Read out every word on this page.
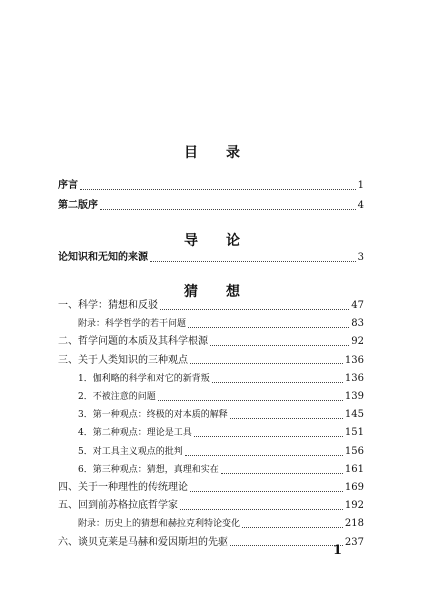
目录
序言	1
第二版序	4
导论
论知识和无知的来源	3
猜想
一、科学：猜想和反驳	47
附录：科学哲学的若干问题	83
二、哲学问题的本质及其科学根源	92
三、关于人类知识的三种观点	136
1．伽利略的科学和对它的新背叛	136
2．不被注意的问题	139
3．第一种观点：终极的对本质的解释	145
4．第二种观点：理论是工具	151
5．对工具主义观点的批判	156
6．第三种观点：猜想，真理和实在	161
四、关于一种理性的传统理论	169
五、回到前苏格拉底哲学家	192
附录：历史上的猜想和赫拉克利特论变化	218
六、谈贝克莱是马赫和爱因斯坦的先驱	237
1
